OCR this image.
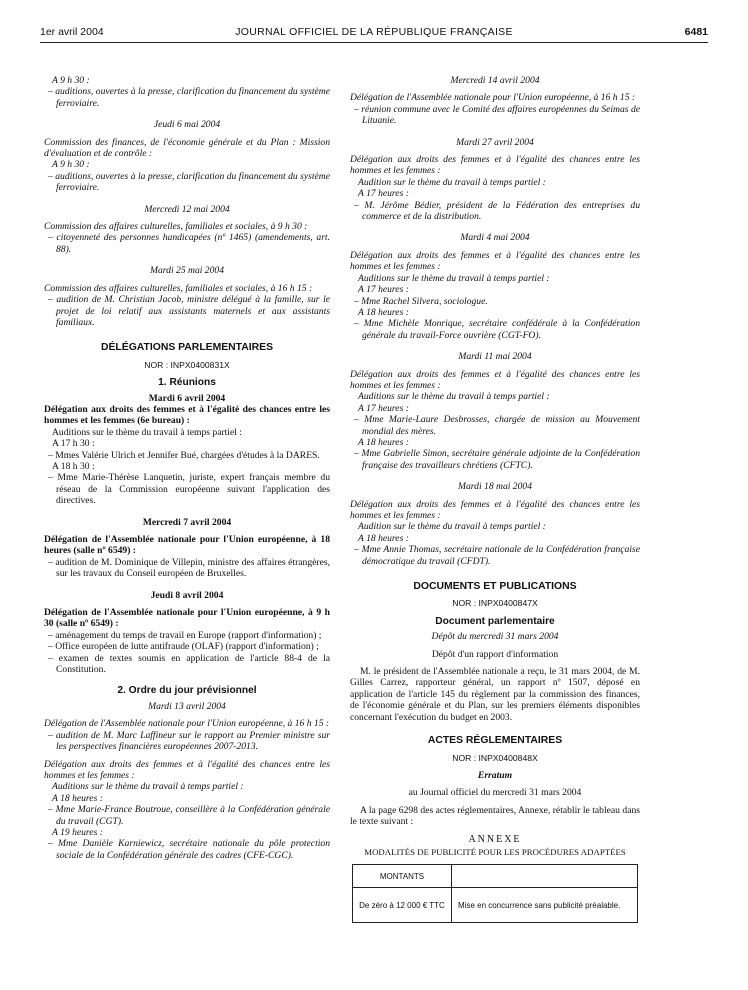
1er avril 2004	JOURNAL OFFICIEL DE LA RÉPUBLIQUE FRANÇAISE	6481

A 9 h 30 :

– auditions, ouvertes à la presse, clarification du financement du système ferroviaire.

Jeudi 6 mai 2004

Commission des finances, de l'économie générale et du Plan : Mission d'évaluation et de contrôle :

A 9 h 30 :

– auditions, ouvertes à la presse, clarification du financement du système ferroviaire.

Mercredi 12 mai 2004

Commission des affaires culturelles, familiales et sociales, à 9 h 30 :

– citoyenneté des personnes handicapées (nº 1465) (amendements, art. 88).

Mardi 25 mai 2004

Commission des affaires culturelles, familiales et sociales, à 16 h 15 :

– audition de M. Christian Jacob, ministre délégué à la famille, sur le projet de loi relatif aux assistants maternels et aux assistants familiaux.

DÉLÉGATIONS PARLEMENTAIRES

NOR : INPX0400831X

1. Réunions

Mardi 6 avril 2004

Délégation aux droits des femmes et à l'égalité des chances entre les hommes et les femmes (6e bureau) :

Auditions sur le thème du travail à temps partiel :

A 17 h 30 :

– Mmes Valérie Ulrich et Jennifer Bué, chargées d'études à la DARES.

A 18 h 30 :

– Mme Marie-Thérèse Lanquetin, juriste, expert français membre du réseau de la Commission européenne suivant l'application des directives.

Mercredi 7 avril 2004

Délégation de l'Assemblée nationale pour l'Union européenne, à 18 heures (salle nº 6549) :

– audition de M. Dominique de Villepin, ministre des affaires étrangères, sur les travaux du Conseil européen de Bruxelles.

Jeudi 8 avril 2004

Délégation de l'Assemblée nationale pour l'Union européenne, à 9 h 30 (salle nº 6549) :

– aménagement du temps de travail en Europe (rapport d'information) ;

– Office européen de lutte antifraude (OLAF) (rapport d'information) ;

– examen de textes soumis en application de l'article 88-4 de la Constitution.

2. Ordre du jour prévisionnel

Mardi 13 avril 2004

Délégation de l'Assemblée nationale pour l'Union européenne, à 16 h 15 :

– audition de M. Marc Laffineur sur le rapport au Premier ministre sur les perspectives financières européennes 2007-2013.

Délégation aux droits des femmes et à l'égalité des chances entre les hommes et les femmes :

Auditions sur le thème du travail à temps partiel :

A 18 heures :

– Mme Marie-France Boutroue, conseillère à la Confédération générale du travail (CGT).

A 19 heures :

– Mme Danièle Karniewicz, secrétaire nationale du pôle protection sociale de la Confédération générale des cadres (CFE-CGC).

Mercredi 14 avril 2004

Délégation de l'Assemblée nationale pour l'Union européenne, à 16 h 15 :

– réunion commune avec le Comité des affaires européennes du Seimas de Lituanie.

Mardi 27 avril 2004

Délégation aux droits des femmes et à l'égalité des chances entre les hommes et les femmes :

Audition sur le thème du travail à temps partiel :

A 17 heures :

– M. Jérôme Bédier, président de la Fédération des entreprises du commerce et de la distribution.

Mardi 4 mai 2004

Délégation aux droits des femmes et à l'égalité des chances entre les hommes et les femmes :

Auditions sur le thème du travail à temps partiel :

A 17 heures :

– Mme Rachel Silvera, sociologue.

A 18 heures :

– Mme Michèle Monrique, secrétaire confédérale à la Confédération générale du travail-Force ouvrière (CGT-FO).

Mardi 11 mai 2004

Délégation aux droits des femmes et à l'égalité des chances entre les hommes et les femmes :

Auditions sur le thème du travail à temps partiel :

A 17 heures :

– Mme Marie-Laure Desbrosses, chargée de mission au Mouvement mondial des mères.

A 18 heures :

– Mme Gabrielle Simon, secrétaire générale adjointe de la Confédération française des travailleurs chrétiens (CFTC).

Mardi 18 mai 2004

Délégation aux droits des femmes et à l'égalité des chances entre les hommes et les femmes :

Audition sur le thème du travail à temps partiel :

A 18 heures :

– Mme Annie Thomas, secrétaire nationale de la Confédération française démocratique du travail (CFDT).

DOCUMENTS ET PUBLICATIONS

NOR : INPX0400847X

Document parlementaire

Dépôt du mercredi 31 mars 2004

Dépôt d'un rapport d'information

M. le président de l'Assemblée nationale a reçu, le 31 mars 2004, de M. Gilles Carrez, rapporteur général, un rapport nº 1507, déposé en application de l'article 145 du règlement par la commission des finances, de l'économie générale et du Plan, sur les premiers éléments disponibles concernant l'exécution du budget en 2003.

ACTES RÉGLEMENTAIRES

NOR : INPX0400848X

Erratum

au Journal officiel du mercredi 31 mars 2004

A la page 6298 des actes réglementaires, Annexe, rétablir le tableau dans le texte suivant :

ANNEXE

MODALITÉS DE PUBLICITÉ POUR LES PROCÉDURES ADAPTÉES

MONTANTS	
De zéro à 12 000 € TTC	Mise en concurrence sans publicité préalable.
